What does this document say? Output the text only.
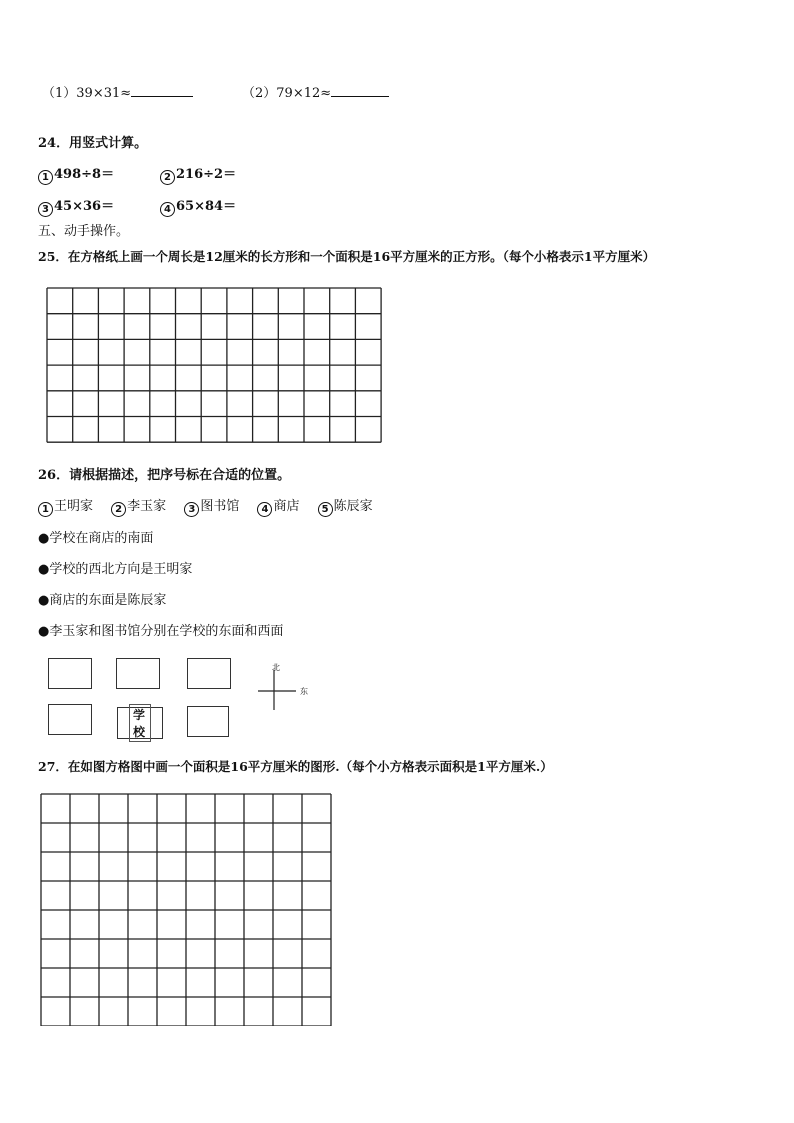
（1）39×31≈	（2）79×12≈
24．用竖式计算。
1 498÷8＝	2 216÷2＝
3 45×36＝	4 65×84＝
五、动手操作。
25．在方格纸上画一个周长是12厘米的长方形和一个面积是16平方厘米的正方形。（每个小格表示1平方厘米）
26．请根据描述，把序号标在合适的位置。
1 王明家 2 李玉家 3 图书馆 4 商店 5 陈辰家
●学校在商店的南面
●学校的西北方向是王明家
●商店的东面是陈辰家
●李玉家和图书馆分别在学校的东面和西面
学校
北
东
27．在如图方格图中画一个面积是16平方厘米的图形.（每个小方格表示面积是1平方厘米.）
